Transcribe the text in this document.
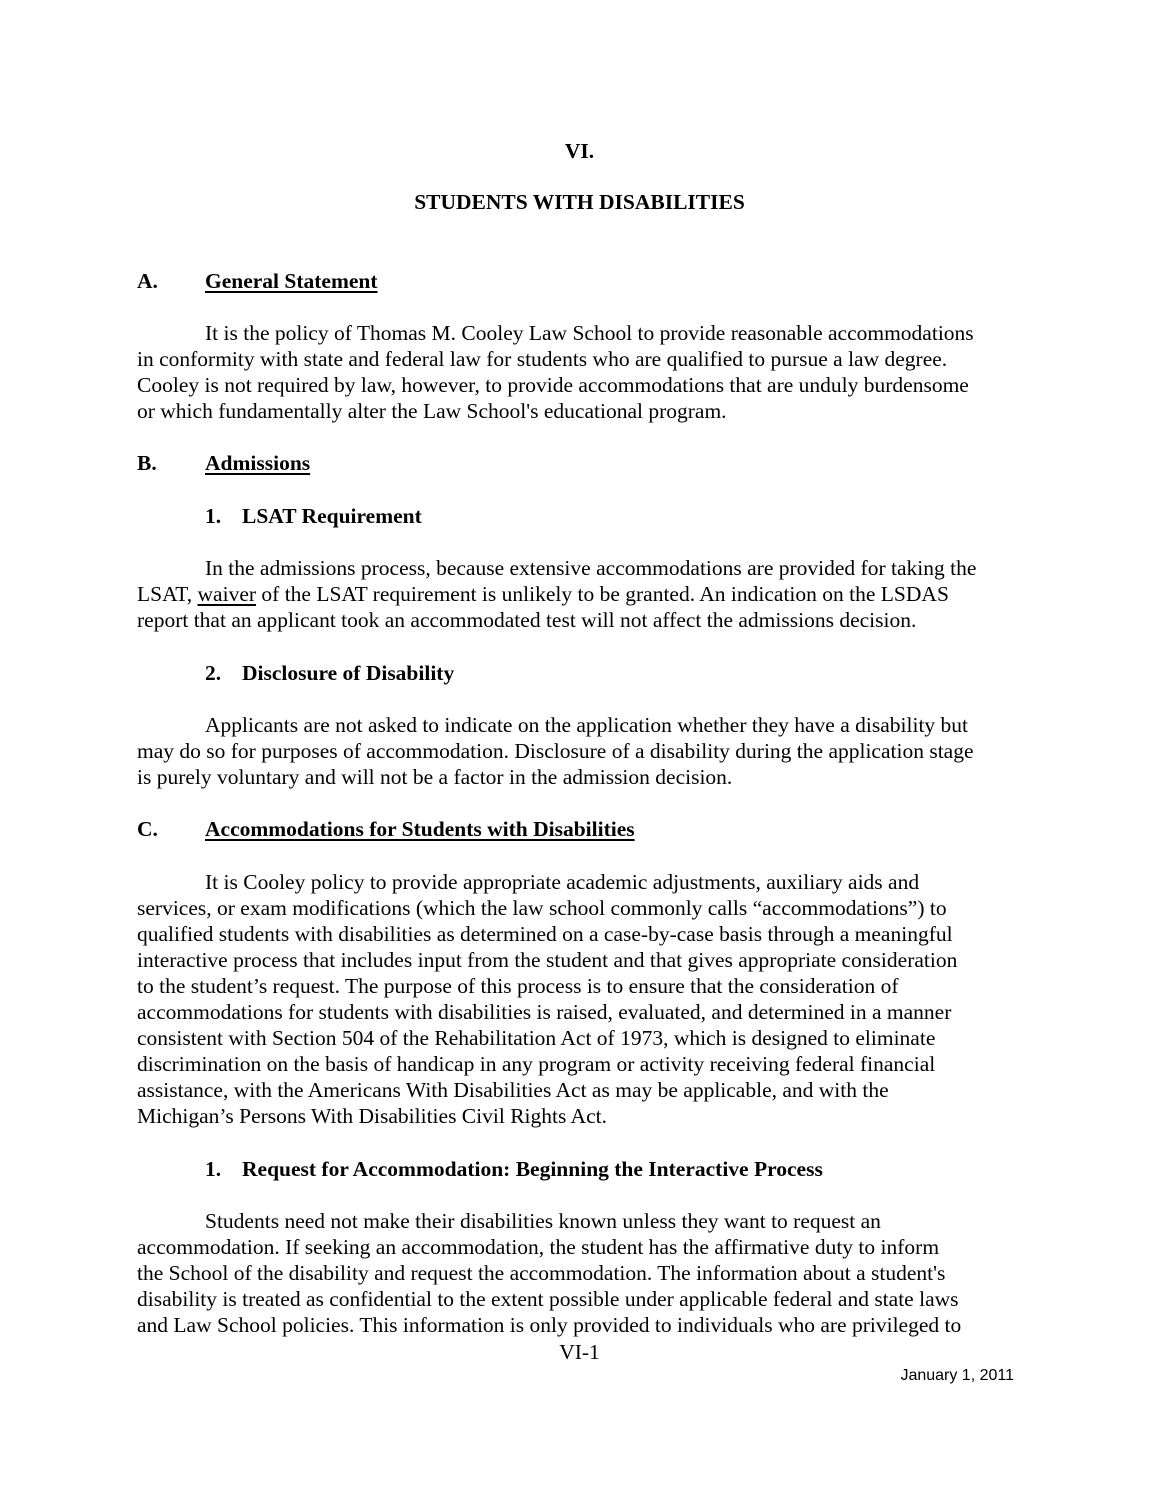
VI.
STUDENTS WITH DISABILITIES
A. General Statement
It is the policy of Thomas M. Cooley Law School to provide reasonable accommodations
in conformity with state and federal law for students who are qualified to pursue a law degree.
Cooley is not required by law, however, to provide accommodations that are unduly burdensome
or which fundamentally alter the Law School's educational program.
B. Admissions
1. LSAT Requirement
In the admissions process, because extensive accommodations are provided for taking the
LSAT, waiver of the LSAT requirement is unlikely to be granted. An indication on the LSDAS
report that an applicant took an accommodated test will not affect the admissions decision.
2. Disclosure of Disability
Applicants are not asked to indicate on the application whether they have a disability but
may do so for purposes of accommodation. Disclosure of a disability during the application stage
is purely voluntary and will not be a factor in the admission decision.
C. Accommodations for Students with Disabilities
It is Cooley policy to provide appropriate academic adjustments, auxiliary aids and
services, or exam modifications (which the law school commonly calls “accommodations”) to
qualified students with disabilities as determined on a case-by-case basis through a meaningful
interactive process that includes input from the student and that gives appropriate consideration
to the student’s request. The purpose of this process is to ensure that the consideration of
accommodations for students with disabilities is raised, evaluated, and determined in a manner
consistent with Section 504 of the Rehabilitation Act of 1973, which is designed to eliminate
discrimination on the basis of handicap in any program or activity receiving federal financial
assistance, with the Americans With Disabilities Act as may be applicable, and with the
Michigan’s Persons With Disabilities Civil Rights Act.
1. Request for Accommodation: Beginning the Interactive Process
Students need not make their disabilities known unless they want to request an
accommodation. If seeking an accommodation, the student has the affirmative duty to inform
the School of the disability and request the accommodation. The information about a student's
disability is treated as confidential to the extent possible under applicable federal and state laws
and Law School policies. This information is only provided to individuals who are privileged to
VI-1
January 1, 2011
